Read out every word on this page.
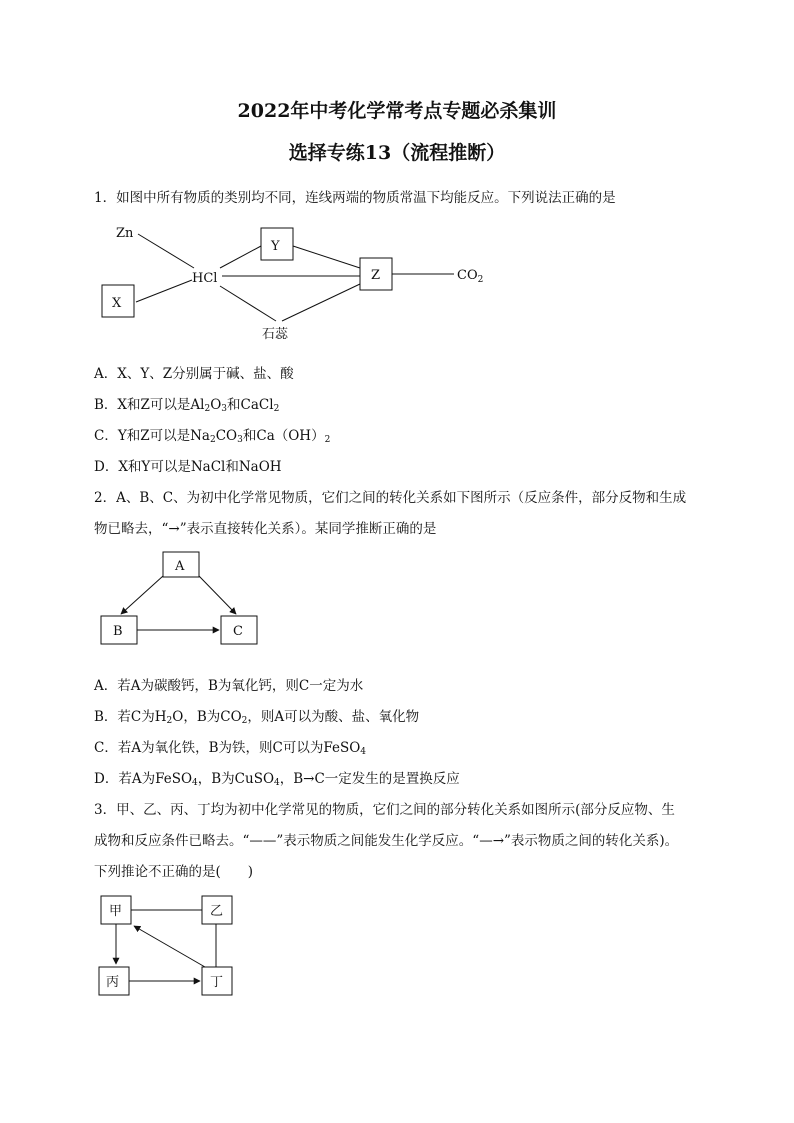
2022年中考化学常考点专题必杀集训
选择专练13（流程推断）
1．如图中所有物质的类别均不同，连线两端的物质常温下均能反应。下列说法正确的是
Zn
HCl
X
Y
Z	$CO_2$
石蕊
A
B	C
甲	乙
丙	丁
A．X、Y、Z分别属于碱、盐、酸
B．X和Z可以是$Al_2O_3$和CaCl$_2$
C．Y和Z可以是$Na_2CO_3$和$Ca(OH)_2$
D．X和Y可以是NaCl和NaOH
2．A、B、C、为初中化学常见物质，它们之间的转化关系如下图所示（反应条件，部分反物和生成
物已略去，“→”表示直接转化关系）。某同学推断正确的是
A．若A为碳酸钙，B为氧化钙，则C一定为水
B．若C为$H_2O$，B为$CO_2$，则A可以为酸、盐、氧化物
C．若A为氧化铁，B为铁，则C可以为FeSO$_4$
D．若A为FeSO$_4$，B为CuSO$_4$，B→C一定发生的是置换反应
3．甲、乙、丙、丁均为初中化学常见的物质，它们之间的部分转化关系如图所示(部分反应物、生
成物和反应条件已略去。“——”表示物质之间能发生化学反应。“—→”表示物质之间的转化关系)。
下列推论不正确的是(　　)
